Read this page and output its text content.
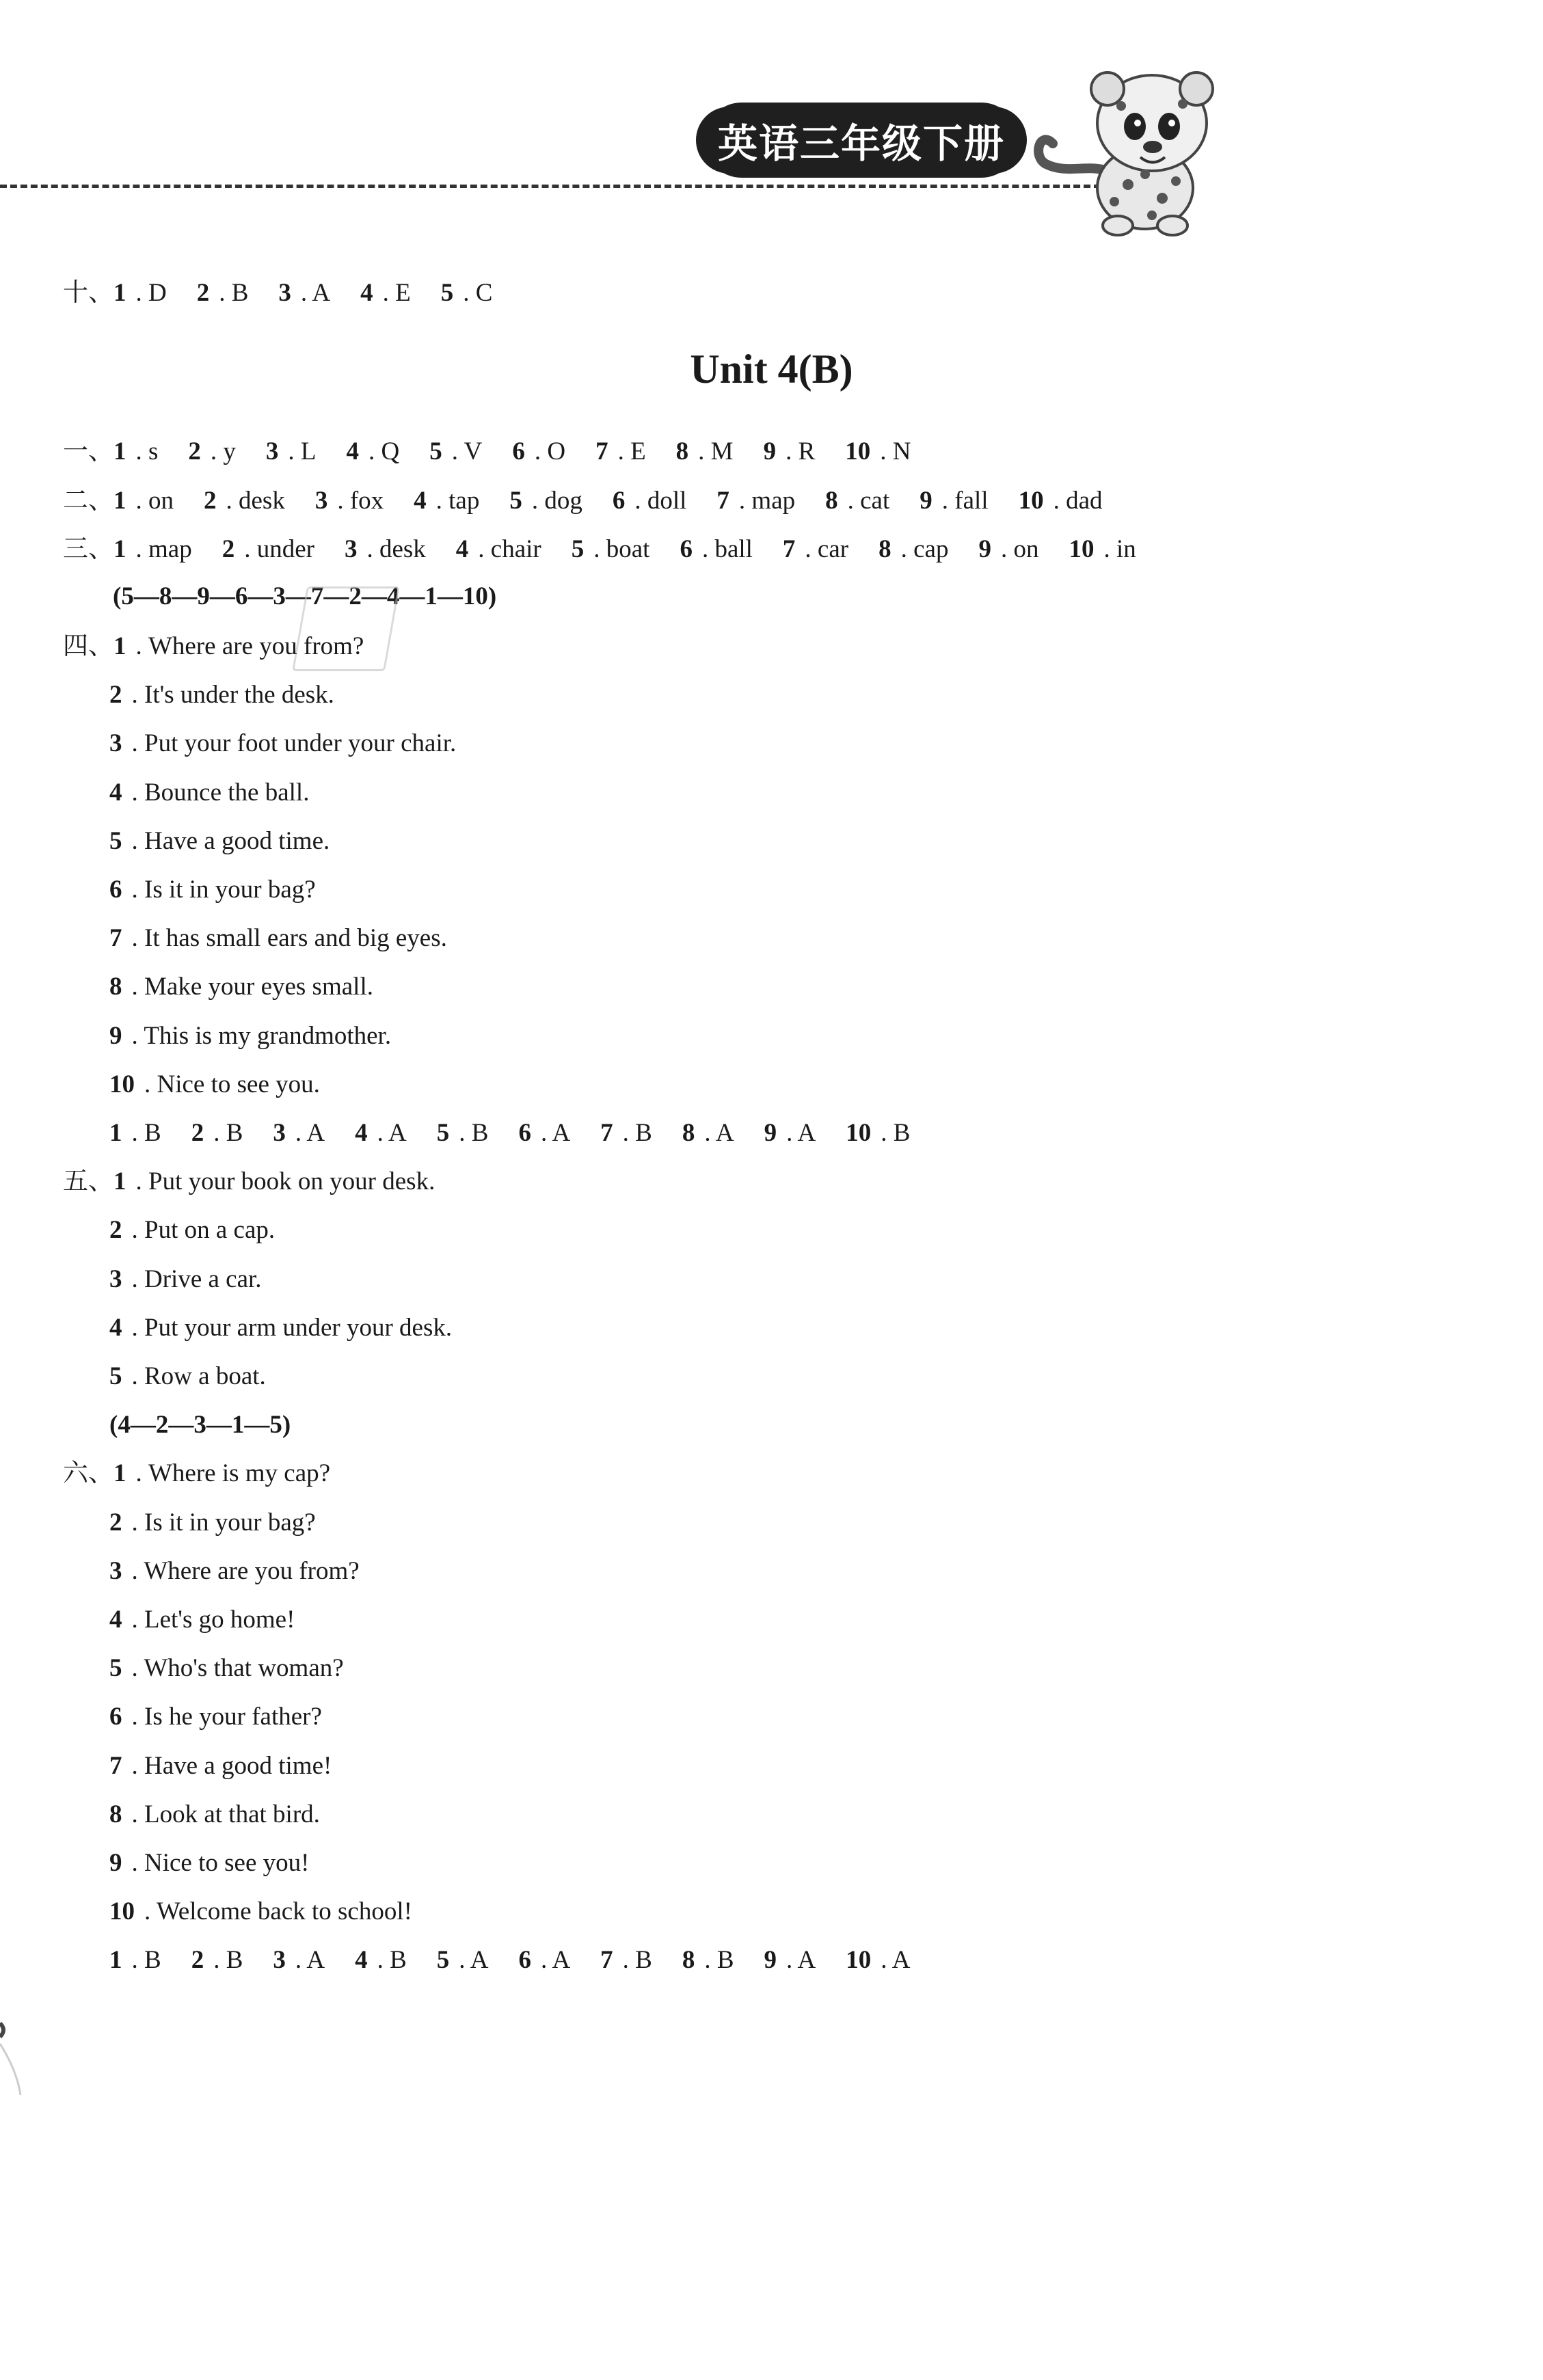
英语三年级下册
十、1 . D 2 . B 3 . A 4 . E 5 . C
Unit 4(B)
一、1 . s 2 . y 3 . L 4 . Q 5 . V 6 . O 7 . E 8 . M 9 . R 10 . N
二、1 . on 2 . desk 3 . fox 4 . tap 5 . dog 6 . doll 7 . map 8 . cat 9 . fall 10 . dad
三、1 . map 2 . under 3 . desk 4 . chair 5 . boat 6 . ball 7 . car 8 . cap 9 . on 10 . in
(5—8—9—6—3—7—2—4—1—10)
四、1 . Where are you from?
2 . It's under the desk.
3 . Put your foot under your chair.
4 . Bounce the ball.
5 . Have a good time.
6 . Is it in your bag?
7 . It has small ears and big eyes.
8 . Make your eyes small.
9 . This is my grandmother.
10 . Nice to see you.
1 . B 2 . B 3 . A 4 . A 5 . B 6 . A 7 . B 8 . A 9 . A 10 . B
五、1 . Put your book on your desk.
2 . Put on a cap.
3 . Drive a car.
4 . Put your arm under your desk.
5 . Row a boat.
(4—2—3—1—5)
六、1 . Where is my cap?
2 . Is it in your bag?
3 . Where are you from?
4 . Let's go home!
5 . Who's that woman?
6 . Is he your father?
7 . Have a good time!
8 . Look at that bird.
9 . Nice to see you!
10 . Welcome back to school!
1 . B 2 . B 3 . A 4 . B 5 . A 6 . A 7 . B 8 . B 9 . A 10 . A
